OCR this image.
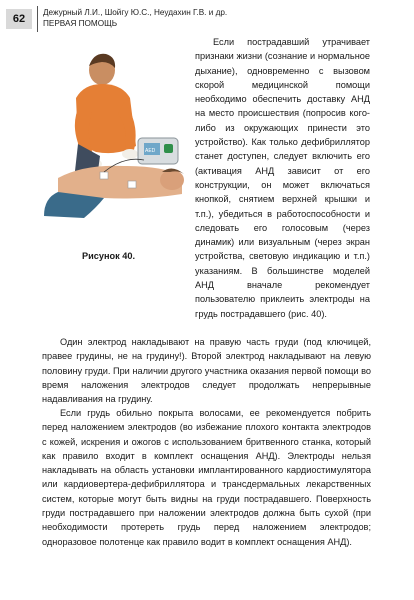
62
Дежурный Л.И., Шойгу Ю.С., Неудахин Г.В. и др.
ПЕРВАЯ ПОМОЩЬ
AED
Рисунок 40.

Если пострадавший утрачивает признаки жизни (сознание и нормальное дыхание), одновременно с вызовом скорой медицинской помощи необходимо обеспечить доставку АНД на место происшествия (попросив кого-либо из окружающих принести это устройство). Как только дефибриллятор станет доступен, следует включить его (активация АНД зависит от его конструкции, он может включаться кнопкой, снятием верхней крышки и т.п.), убедиться в работоспособности и следовать его голосовым (через динамик) или визуальным (через экран устройства, световую индикацию и т.п.) указаниям. В большинстве моделей АНД вначале рекомендует пользователю приклеить электроды на грудь пострадавшего (рис. 40).

Один электрод накладывают на правую часть груди (под ключицей, правее грудины, не на грудину!). Второй электрод накладывают на левую половину груди. При наличии другого участника оказания первой помощи во время наложения электродов следует продолжать непрерывные надавливания на грудину.

Если грудь обильно покрыта волосами, ее рекомендуется побрить перед наложением электродов (во избежание плохого контакта электродов с кожей, искрения и ожогов с использованием бритвенного станка, который как правило входит в комплект оснащения АНД). Электроды нельзя накладывать на область установки имплантированного кардиостимулятора или кардиовертера-дефибриллятора и трансдермальных лекарственных систем, которые могут быть видны на груди пострадавшего. Поверхность груди пострадавшего при наложении электродов должна быть сухой (при необходимости протереть грудь перед наложением электродов; одноразовое полотенце как правило водит в комплект оснащения АНД).
